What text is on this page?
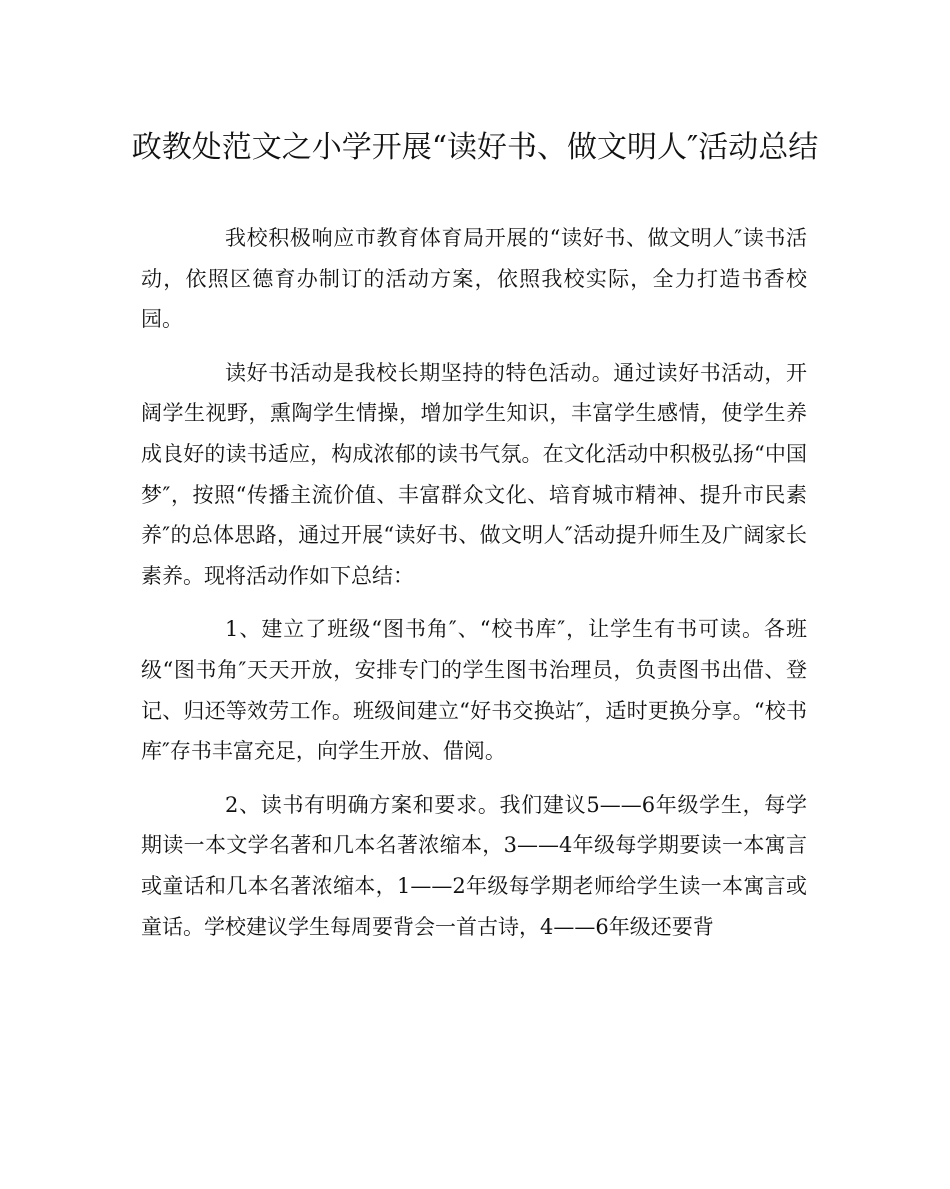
政教处范文之小学开展“读好书、做文明人″活动总结

我校积极响应市教育体育局开展的“读好书、做文明人″读书活动，依照区德育办制订的活动方案，依照我校实际，全力打造书香校园。

读好书活动是我校长期坚持的特色活动。通过读好书活动，开阔学生视野，熏陶学生情操，增加学生知识，丰富学生感情，使学生养成良好的读书适应，构成浓郁的读书气氛。在文化活动中积极弘扬“中国梦″，按照“传播主流价值、丰富群众文化、培育城市精神、提升市民素养″的总体思路，通过开展“读好书、做文明人″活动提升师生及广阔家长素养。现将活动作如下总结：

1、建立了班级“图书角″、“校书库″，让学生有书可读。各班级“图书角″天天开放，安排专门的学生图书治理员，负责图书出借、登记、归还等效劳工作。班级间建立“好书交换站″，适时更换分享。“校书库″存书丰富充足，向学生开放、借阅。

2、读书有明确方案和要求。我们建议5——6年级学生，每学期读一本文学名著和几本名著浓缩本，3——4年级每学期要读一本寓言或童话和几本名著浓缩本，1——2年级每学期老师给学生读一本寓言或童话。学校建议学生每周要背会一首古诗，4——6年级还要背
